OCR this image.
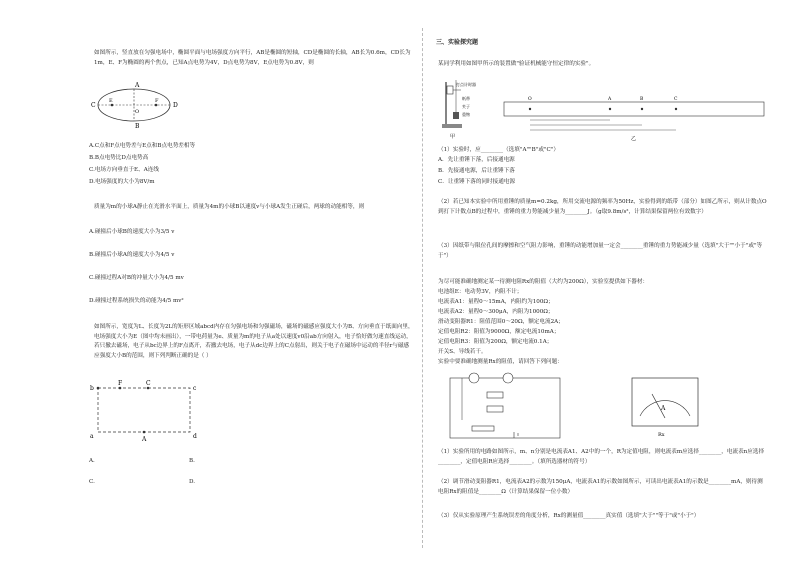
如图所示，竖直放在匀强电场中，椭圆平面与电场强度方向平行，AB是椭圆的短轴，CD是椭圆的长轴，AB长为0.6m，CD长为1m，E、F为椭圆的两个焦点，已知A点电势为4V，D点电势为8V，E点电势为0.8V，则

C	D
A
B
E	F
O

A.C点和F点电势差与E点和B点电势差相等

B.B点电势比D点电势高

C.电场方向垂直于E、A连线

D.电场强度的大小为8V/m

质量为m的小球A静止在光滑水平面上，质量为4m的小球B以速度v与小球A发生正碰后，两球的动能相等，则

A.碰撞后小球B的速度大小为3/5 v

B.碰撞后小球A的速度大小为4/5 v

C.碰撞过程A对B的冲量大小为4/5 mv

D.碰撞过程系统损失的动能为4/5 mv²

如图所示，宽度为L、长度为2L的矩形区域abcd内存在匀强电场和匀强磁场，磁场的磁感应强度大小为B、方向垂直于纸面向里，电场强度大小为E（图中均未画出），一带电荷量为e、质量为m的电子从a处以速度v0沿ab方向射入，电子恰好做匀速直线运动，若只撤去磁场，电子从bc边界上的F点离开，若撤去电场，电子从dc边界上的C点射出，则关于电子在磁场中运动的半径r与磁感应强度大小B的范围，则下列判断正确的是（ ）

b
F	C
c
a	d
A

A.	B.

C.	D.

三、实验探究题

某同学利用如图甲所示的装置做"验证机械能守恒定律的实验"。

打点计时器
纸带
夹子
重物
甲
O	A	B	C
乙

（1）实验时，应________（选填"A""B"或"C"）

A．先让重锤下落，后接通电源

B．先接通电源，后让重锤下落

C．让重锤下落的同时接通电源

（2）若已知本实验中所用重锤的质量m=0.2kg，所用交流电源的频率为50Hz，实验得到的纸带（部分）如图乙所示，则从计数点O到打下计数点B的过程中，重锤的重力势能减少量为________J。（g取9.8m/s²，计算结果保留两位有效数字）

（3）因纸带与限位孔间的摩擦和空气阻力影响，重锤的动能增加量一定会________重锤的重力势能减少量（选填"大于""小于"或"等于"）

为尽可能准确地测定某一待测电阻Rx的阻值（大约为200Ω），实验室提供如下器材：

电池组E：电动势3V，内阻不计；

电流表A1：量程0～15mA，内阻约为100Ω；

电流表A2：量程0～300μA，内阻为1000Ω；

滑动变阻器R1：阻值范围0～20Ω，额定电流2A；

定值电阻R2：阻值为9000Ω，额定电流10mA；

定值电阻R3：阻值为200Ω，额定电流0.1A；

开关S、导线若干。

实验中要准确地测量Rx的阻值，请回答下列问题：

A
Rx

（1）实验所用的电路如图所示，m、n分别是电流表A1、A2中的一个，R为定值电阻，则电流表m应选择________，电流表n应选择________，定值电阻R应选择________。（填所选器材的符号）

（2）调节滑动变阻器R1，电流表A2的示数为150μA，电流表A1的示数如图所示，可读出电流表A1的示数是________mA，则待测电阻Rx的阻值是________Ω（计算结果保留一位小数）

（3）仅从实验原理产生系统误差的角度分析，Rx的测量值________真实值（选填"大于""等于"或"小于"）
